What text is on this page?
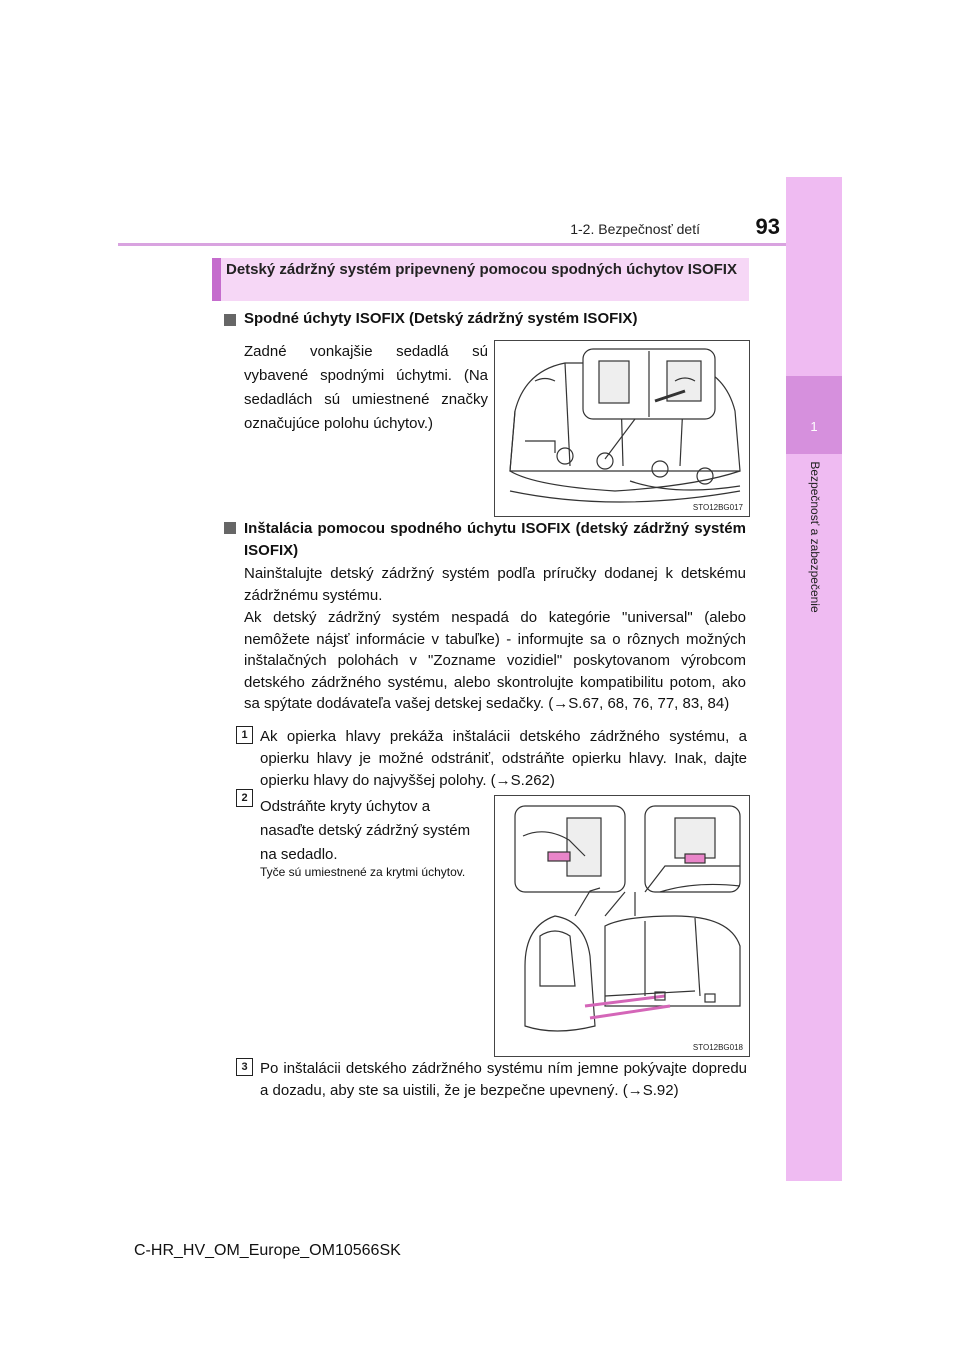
1-2. Bezpečnosť detí	93
1
Bezpečnosť a zabezpečenie
Detský zádržný systém pripevnený pomocou spodných úchytov ISOFIX
Spodné úchyty ISOFIX (Detský zádržný systém ISOFIX)
Zadné vonkajšie sedadlá sú vybavené spodnými úchytmi. (Na sedadlách sú umiestnené značky označujúce polohu úchytov.)
STO12BG017
Inštalácia pomocou spodného úchytu ISOFIX (detský zádržný systém ISOFIX)
Nainštalujte detský zádržný systém podľa príručky dodanej k detskému zádržnému systému.
Ak detský zádržný systém nespadá do kategórie "universal" (alebo nemôžete nájsť informácie v tabuľke) - informujte sa o rôznych možných inštalačných polohách v "Zozname vozidiel" poskytovanom výrobcom detského zádržného systému, alebo skontrolujte kompatibilitu potom, ako sa spýtate dodávateľa vašej detskej sedačky. (→S.67, 68, 76, 77, 83, 84)
1 Ak opierka hlavy prekáža inštalácii detského zádržného systému, a opierku hlavy je možné odstrániť, odstráňte opierku hlavy. Inak, dajte opierku hlavy do najvyššej polohy. (→S.262)
2 Odstráňte kryty úchytov a nasaďte detský zádržný systém na sedadlo.
Tyče sú umiestnené za krytmi úchytov.
STO12BG018
3 Po inštalácii detského zádržného systému ním jemne pokývajte dopredu a dozadu, aby ste sa uistili, že je bezpečne upevnený. (→S.92)
C-HR_HV_OM_Europe_OM10566SK
